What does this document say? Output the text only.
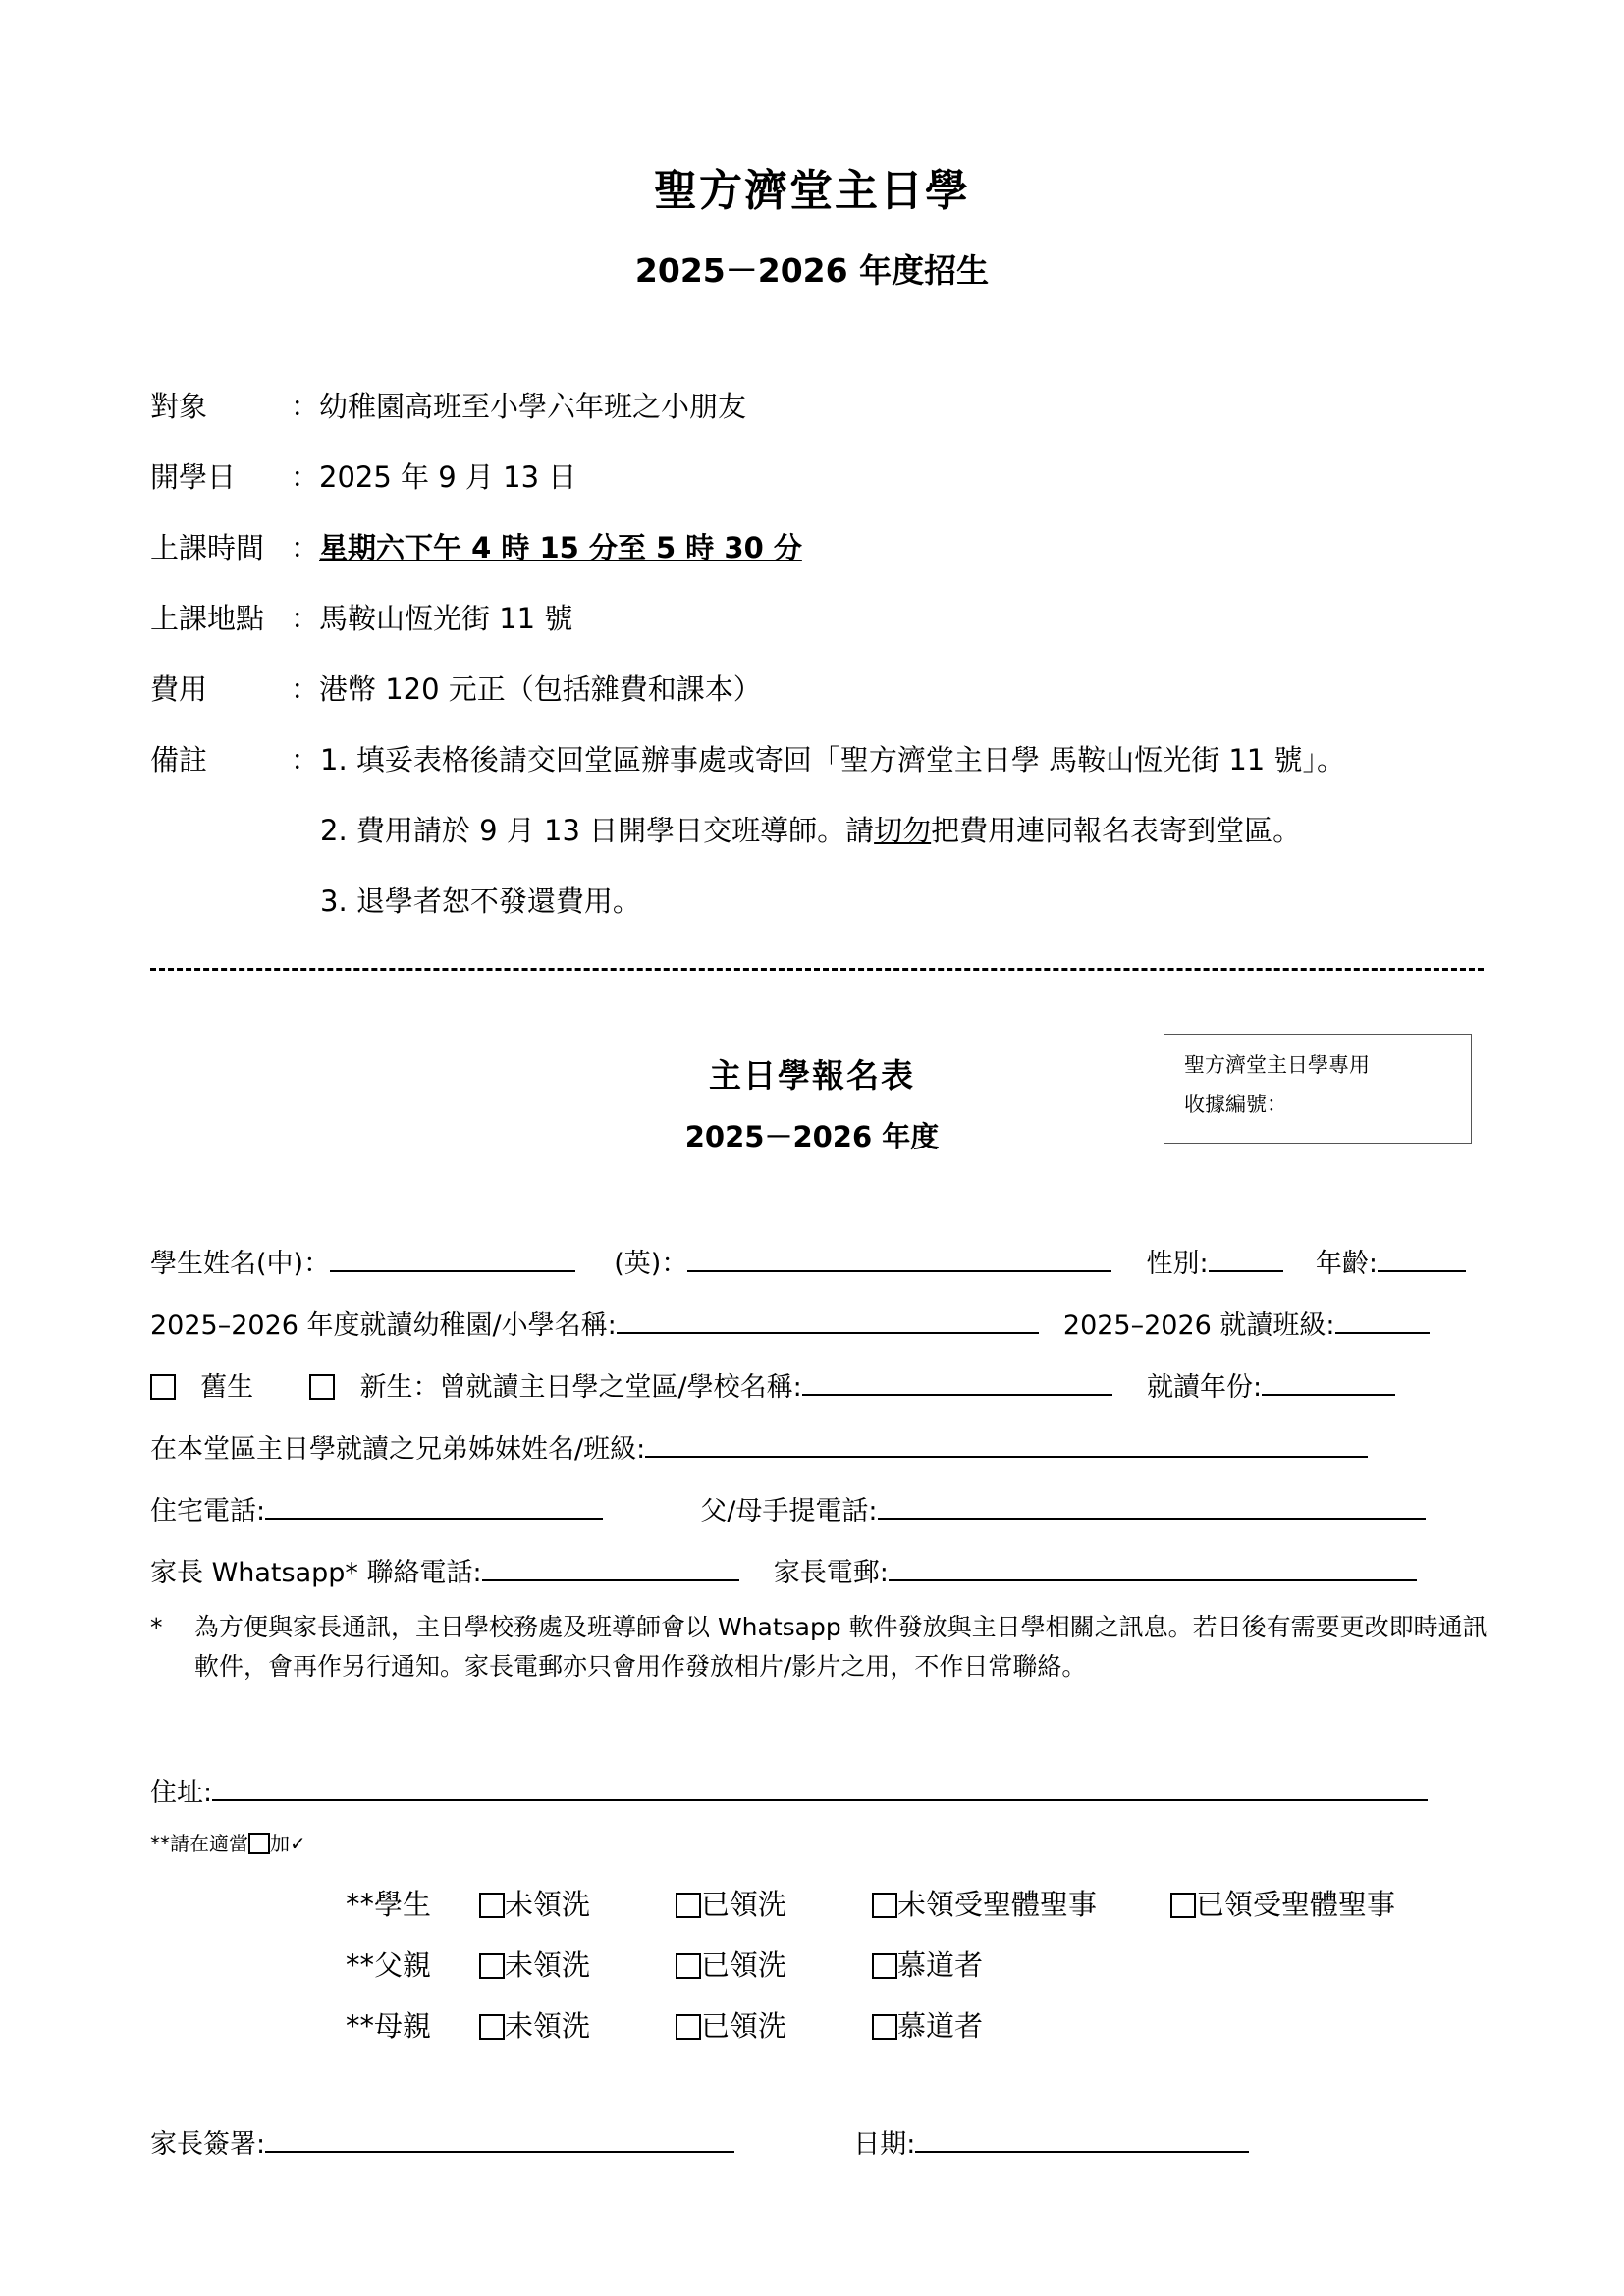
聖方濟堂主日學
2025－2026 年度招生
對象	：幼稚園高班至小學六年班之小朋友
開學日 ：2025 年 9 月 13 日
上課時間 ：星期六下午 4 時 15 分至 5 時 30 分
上課地點 ：馬鞍山恆光街 11 號
費用	：港幣 120 元正（包括雜費和課本）
備註	： 1. 填妥表格後請交回堂區辦事處或寄回「聖方濟堂主日學 馬鞍山恆光街 11 號」。
2. 費用請於 9 月 13 日開學日交班導師。請切勿把費用連同報名表寄到堂區。
3. 退學者恕不發還費用。
主日學報名表
2025－2026 年度
聖方濟堂主日學專用
收據編號：
學生姓名(中)：	(英)：	性別:	年齡:
2025–2026 年度就讀幼稚園/小學名稱:	2025–2026 就讀班級:
舊生	新生：曾就讀主日學之堂區/學校名稱:	就讀年份:
在本堂區主日學就讀之兄弟姊妹姓名/班級:
住宅電話:	父/母手提電話:
家長 Whatsapp* 聯絡電話:	家長電郵:
* 為方便與家長通訊，主日學校務處及班導師會以 Whatsapp 軟件發放與主日學相關之訊息。若日後有需要更改即時通訊軟件，會再作另行通知。家長電郵亦只會用作發放相片/影片之用，不作日常聯絡。
住址:
**請在適當 加✓
**學生	未領洗	已領洗	未領受聖體聖事	已領受聖體聖事
**父親	未領洗	已領洗	慕道者
**母親	未領洗	已領洗	慕道者
家長簽署:	日期:
